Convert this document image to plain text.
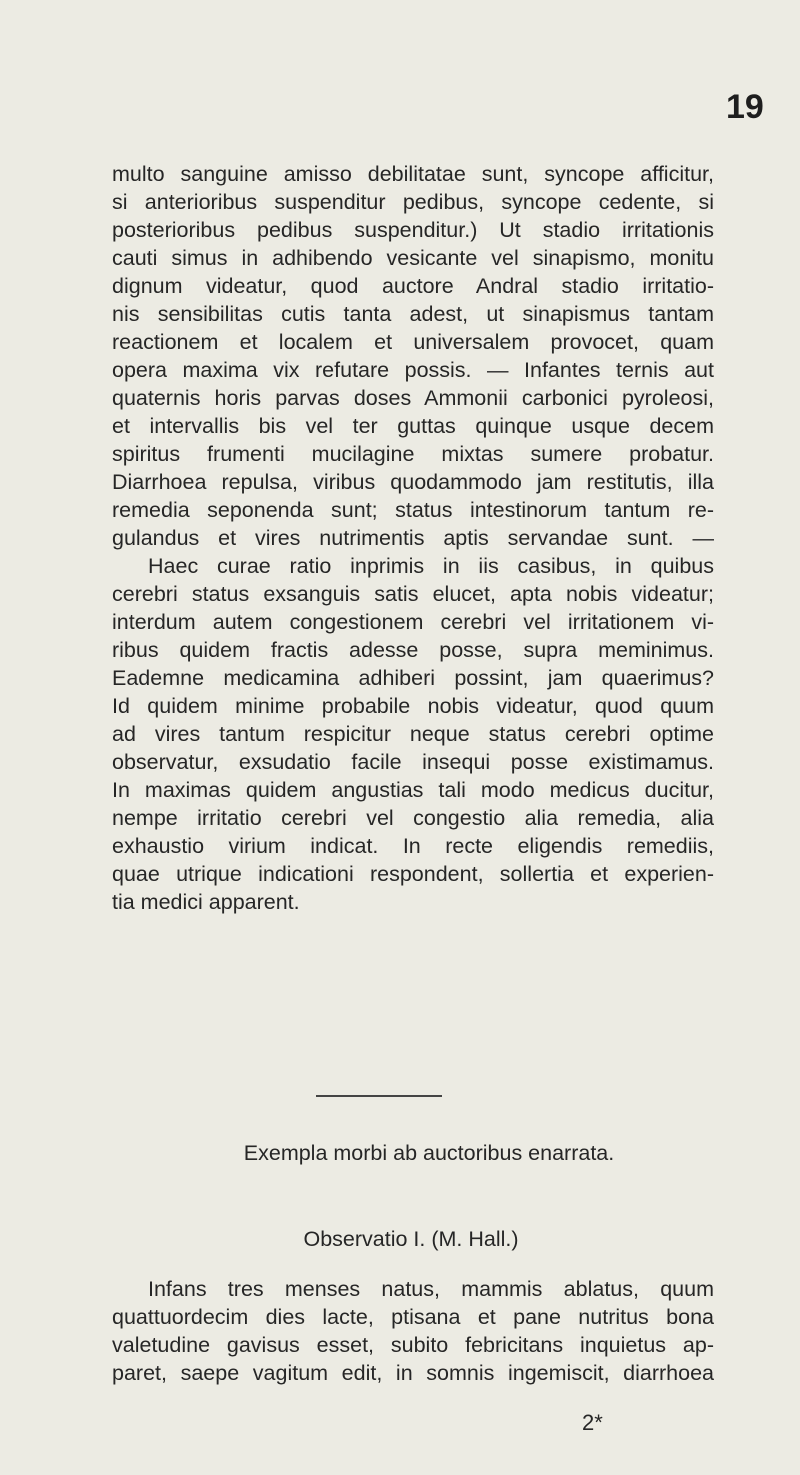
19
multo sanguine amisso debilitatae sunt, syncope afficitur,
si anterioribus suspenditur pedibus, syncope cedente, si
posterioribus pedibus suspenditur.) Ut stadio irritationis
cauti simus in adhibendo vesicante vel sinapismo, monitu
dignum videatur, quod auctore Andral stadio irritatio-
nis sensibilitas cutis tanta adest, ut sinapismus tantam
reactionem et localem et universalem provocet, quam
opera maxima vix refutare possis. — Infantes ternis aut
quaternis horis parvas doses Ammonii carbonici pyroleosi,
et intervallis bis vel ter guttas quinque usque decem
spiritus frumenti mucilagine mixtas sumere probatur.
Diarrhoea repulsa, viribus quodammodo jam restitutis, illa
remedia seponenda sunt; status intestinorum tantum re-
gulandus et vires nutrimentis aptis servandae sunt. —
Haec curae ratio inprimis in iis casibus, in quibus
cerebri status exsanguis satis elucet, apta nobis videatur;
interdum autem congestionem cerebri vel irritationem vi-
ribus quidem fractis adesse posse, supra meminimus.
Eademne medicamina adhiberi possint, jam quaerimus?
Id quidem minime probabile nobis videatur, quod quum
ad vires tantum respicitur neque status cerebri optime
observatur, exsudatio facile insequi posse existimamus.
In maximas quidem angustias tali modo medicus ducitur,
nempe irritatio cerebri vel congestio alia remedia, alia
exhaustio virium indicat. In recte eligendis remediis,
quae utrique indicationi respondent, sollertia et experien-
tia medici apparent.
Exempla morbi ab auctoribus enarrata.
Observatio I. (M. Hall.)
Infans tres menses natus, mammis ablatus, quum
quattuordecim dies lacte, ptisana et pane nutritus bona
valetudine gavisus esset, subito febricitans inquietus ap-
paret, saepe vagitum edit, in somnis ingemiscit, diarrhoea
2*
